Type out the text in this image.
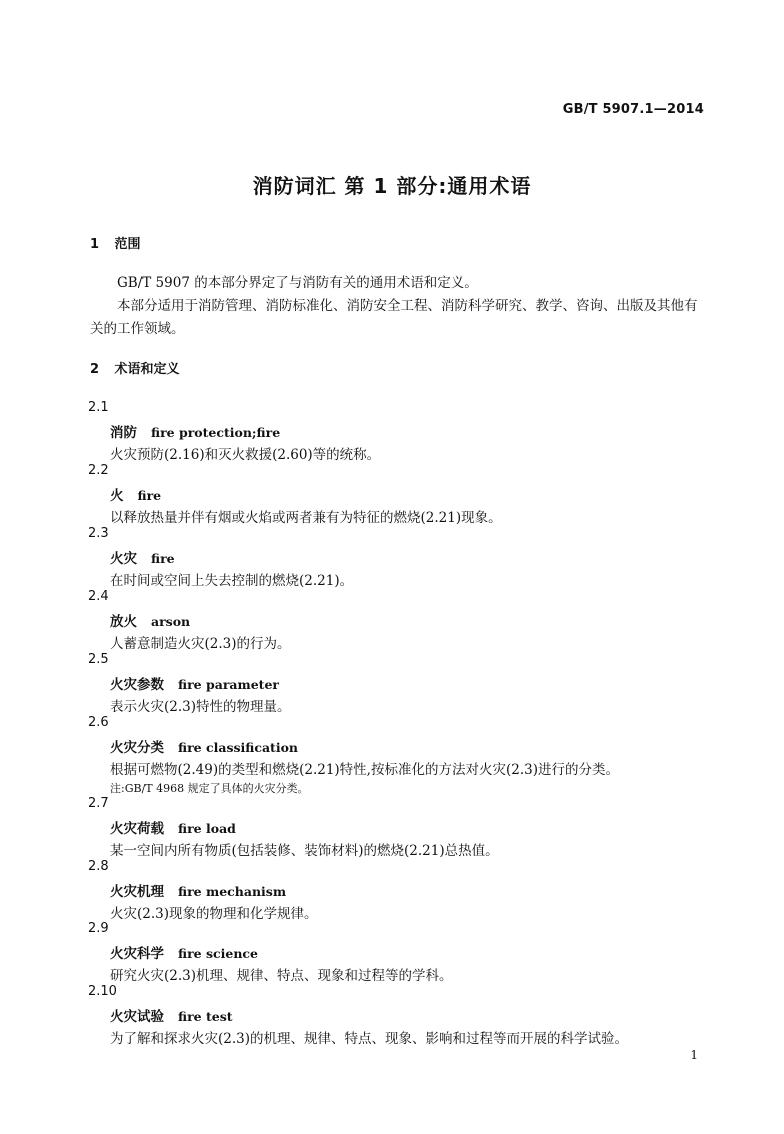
GB/T 5907.1—2014
消防词汇 第 1 部分:通用术语
1 范围
GB/T 5907 的本部分界定了与消防有关的通用术语和定义。
本部分适用于消防管理、消防标准化、消防安全工程、消防科学研究、教学、咨询、出版及其他有关的工作领域。
2 术语和定义
2.1
消防 fire protection;fire
火灾预防(2.16)和灭火救援(2.60)等的统称。
2.2
火 fire
以释放热量并伴有烟或火焰或两者兼有为特征的燃烧(2.21)现象。
2.3
火灾 fire
在时间或空间上失去控制的燃烧(2.21)。
2.4
放火 arson
人蓄意制造火灾(2.3)的行为。
2.5
火灾参数 fire parameter
表示火灾(2.3)特性的物理量。
2.6
火灾分类 fire classification
根据可燃物(2.49)的类型和燃烧(2.21)特性,按标准化的方法对火灾(2.3)进行的分类。
注:GB/T 4968 规定了具体的火灾分类。
2.7
火灾荷载 fire load
某一空间内所有物质(包括装修、装饰材料)的燃烧(2.21)总热值。
2.8
火灾机理 fire mechanism
火灾(2.3)现象的物理和化学规律。
2.9
火灾科学 fire science
研究火灾(2.3)机理、规律、特点、现象和过程等的学科。
2.10
火灾试验 fire test
为了解和探求火灾(2.3)的机理、规律、特点、现象、影响和过程等而开展的科学试验。
1
